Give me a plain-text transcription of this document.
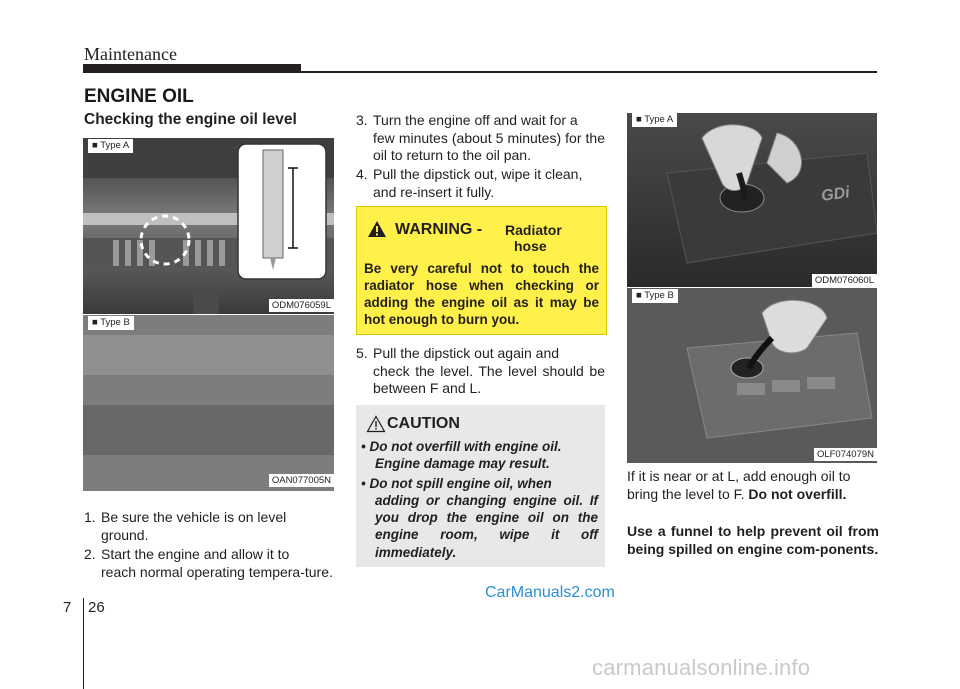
Maintenance
ENGINE OIL
Checking the engine oil level
■ Type A
ODM076059L
■ Type B
OAN077005N
1. Be sure the vehicle is on level
ground.
2. Start the engine and allow it to
reach normal operating tempera-ture.
3. Turn the engine off and wait for a
few minutes (about 5 minutes) for the oil to return to the oil pan.
4. Pull the dipstick out, wipe it clean,
and re-insert it fully.
WARNING - Radiator
hose
Be very careful not to touch the radiator hose when checking or adding the engine oil as it may be hot enough to burn you.
5. Pull the dipstick out again and
check the level. The level should be between F and L.
CAUTION
• Do not overfill with engine oil.
Engine damage may result.
• Do not spill engine oil, when
adding or changing engine oil. If you drop the engine oil on the engine room, wipe it off immediately.
GDi
■ Type A
ODM076060L
■ Type B
OLF074079N

If it is near or at L, add enough oil to bring the level to F. Do not overfill.

Use a funnel to help prevent oil from being spilled on engine com-ponents.
CarManuals2.com
7 26
carmanualsonline.info
